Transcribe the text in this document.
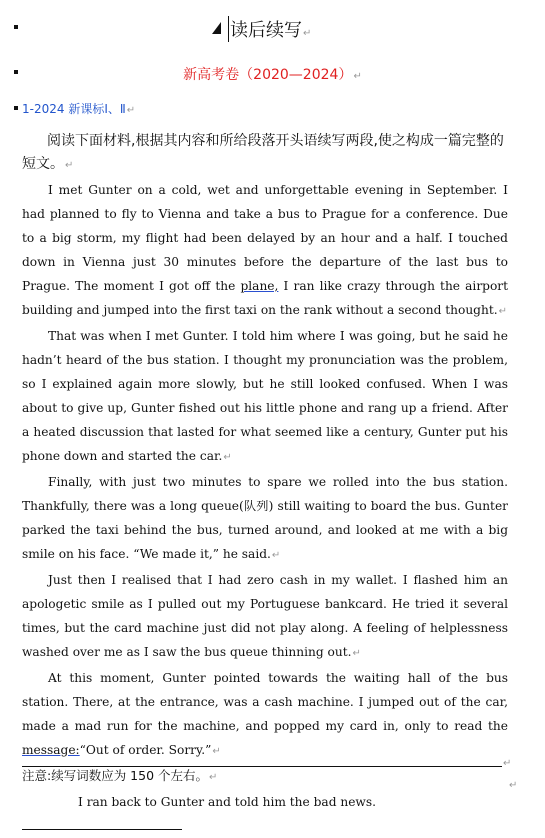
读后续写↵
新高考卷（2020—2024）↵
1-2024 新课标Ⅰ、Ⅱ↵
阅读下面材料,根据其内容和所给段落开头语续写两段,使之构成一篇完整的短文。↵

I met Gunter on a cold, wet and unforgettable evening in September. I had planned to fly to Vienna and take a bus to Prague for a conference. Due to a big storm, my flight had been delayed by an hour and a half. I touched down in Vienna just 30 minutes before the departure of the last bus to Prague. The moment I got off the plane, I ran like crazy through the airport building and jumped into the first taxi on the rank without a second thought.↵

That was when I met Gunter. I told him where I was going, but he said he hadn’t heard of the bus station. I thought my pronunciation was the problem, so I explained again more slowly, but he still looked confused. When I was about to give up, Gunter fished out his little phone and rang up a friend. After a heated discussion that lasted for what seemed like a century, Gunter put his phone down and started the car.↵

Finally, with just two minutes to spare we rolled into the bus station. Thankfully, there was a long queue(队列) still waiting to board the bus. Gunter parked the taxi behind the bus, turned around, and looked at me with a big smile on his face. “We made it,” he said.↵

Just then I realised that I had zero cash in my wallet. I flashed him an apologetic smile as I pulled out my Portuguese bankcard. He tried it several times, but the card machine just did not play along. A feeling of helplessness washed over me as I saw the bus queue thinning out.↵

At this moment, Gunter pointed towards the waiting hall of the bus station. There, at the entrance, was a cash machine. I jumped out of the car, made a mad run for the machine, and popped my card in, only to read the message:“Out of order. Sorry.”↵

注意:续写词数应为 150 个左右。↵

I ran back to Gunter and told him the bad news.

↵
↵
